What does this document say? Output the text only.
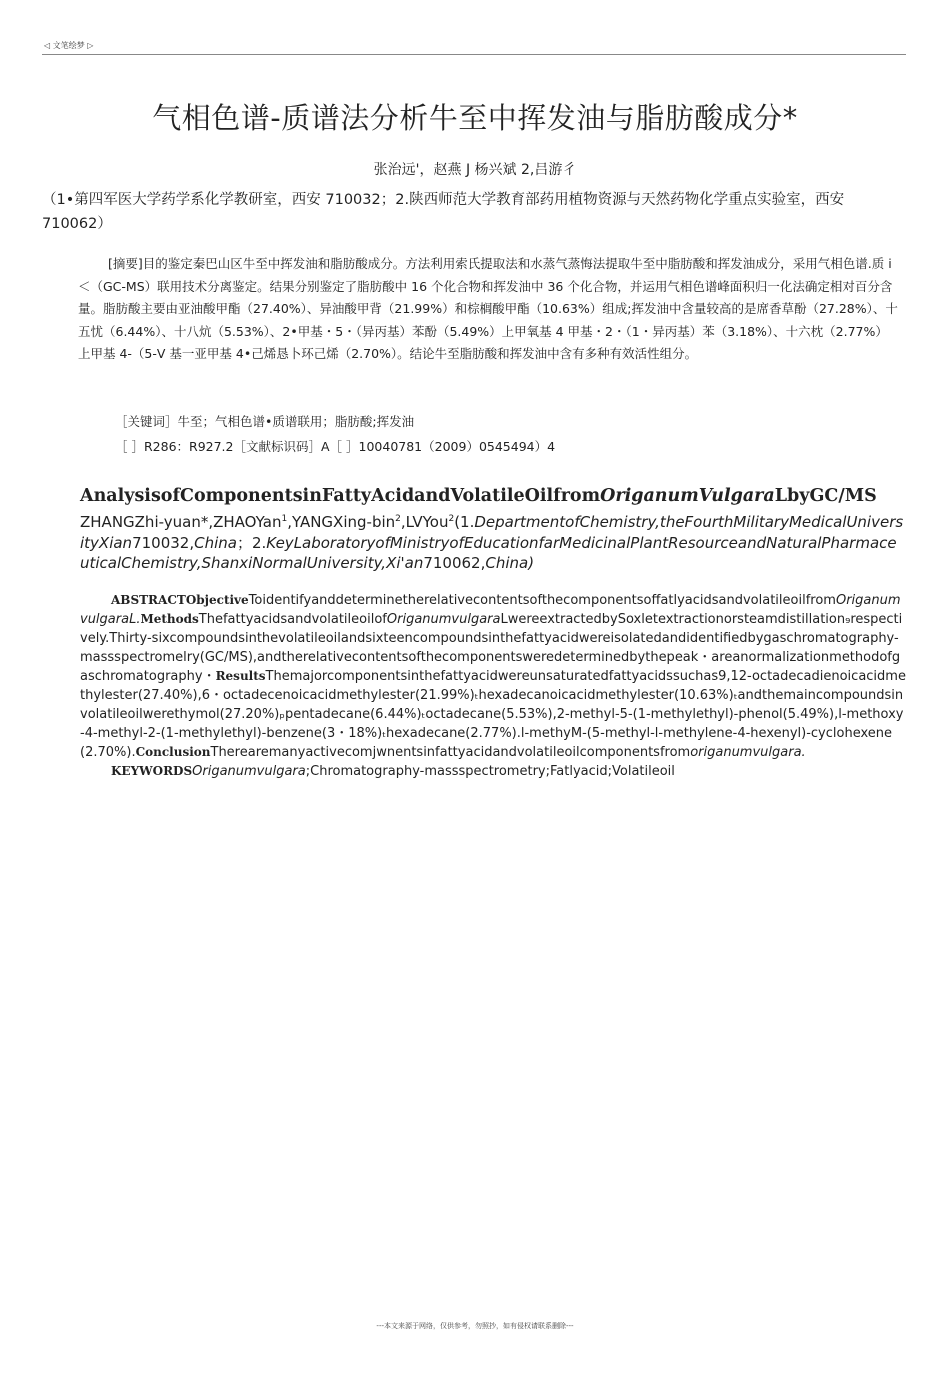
◁ 文笔绘梦 ▷
气相色谱-质谱法分析牛至中挥发油与脂肪酸成分*
张治远'，赵燕 J 杨兴斌 2,吕游彳
（1•第四军医大学药学系化学教研室，西安 710032；2.陕西师范大学教育部药用植物资源与天然药物化学重点实验室，西安 710062）
[摘要]目的鉴定秦巴山区牛至中挥发油和脂肪酸成分。方法利用索氏提取法和水蒸气蒸悔法提取牛至中脂肪酸和挥发油成分，采用气相色谱.质 i＜（GC-MS）联用技术分离鉴定。结果分别鉴定了脂肪酸中 16 个化合物和挥发油中 36 个化合物，并运用气相色谱峰面积归一化法确定相对百分含量。脂肪酸主要由亚油酸甲酯（27.40%）、异油酸甲背（21.99%）和棕榈酸甲酯（10.63%）组成;挥发油中含量较高的是席香草酚（27.28%）、十五忧（6.44%）、十八炕（5.53%）、2•甲基・5・（异丙基）苯酚（5.49%）上甲氧基 4 甲基・2・（1・异丙基）苯（3.18%）、十六枕（2.77%）上甲基 4-（5-V 基⼀亚甲基 4•己烯恳卜环己烯（2.70%）。结论牛至脂肪酸和挥发油中含有多种有效活性组分。
［关键词］牛至；气相色谱•质谱联用；脂肪酸;挥发油
［ ］R286：R927.2［文献标识码］A［ ］10040781（2009）0545494）4
AnalysisofComponentsinFattyAcidandVolatileOilfromOriganumVulgaraLbyGC/MS
ZHANGZhi-yuan*,ZHAOYan$^1$,YANGXing-bin$^2$,LVYou$^2$(1.DepartmentofChemistry,theFourthMilitaryMedicalUniversityXian710032,China；2.KeyLaboratoryofMinistryofEducationfarMedicinalPlantResourceandNaturalPharmaceuticalChemistry,ShanxiNormalUniversity,Xi'an710062,China)
ABSTRACTObjectiveToidentifyanddeterminetherelativecontentsofthecomponentsoffatlyacidsandvolatileoilfromOriganumvulgaraL.MethodsThefattyacidsandvolatileoilofOriganumvulgaraLwereextractedbySoxletextractionorsteamdistillation₉respectively.Thirty-sixcompoundsinthevolatileoilandsixteencompoundsinthefattyacidwereisolatedandidentifiedbygaschromatography-massspectromelry(GC/MS),andtherelativecontentsofthecomponentsweredeterminedbythepeak・areanormalizationmethodofgaschromatography・ResultsThemajorcomponentsinthefattyacidwereunsaturatedfattyacidssuchas9,12-octadecadienoicacidmethylester(27.40%),6・octadecenoicacidmethylester(21.99%)ₜhexadecanoicacidmethylester(10.63%)ₜandthemaincompoundsinvolatileoilwerethymol(27.20%)ₚpentadecane(6.44%)ₜoctadecane(5.53%),2-methyl-5-(1-methylethyl)-phenol(5.49%),l-methoxy-4-methyl-2-(1-methylethyl)-benzene(3・18%)ₜhexadecane(2.77%).l-methyM-(5-methyl-l-methylene-4-hexenyl)-cyclohexene(2.70%).ConclusionTherearemanyactivecomjwnentsinfattyacidandvolatileoilcomponentsfromoriganumvulgara.
KEYWORDSOriganumvulgara;Chromatography-massspectrometry;Fatlyacid;Volatileoil
---本文来源于网络，仅供参考，勿照抄，如有侵权请联系删除---
